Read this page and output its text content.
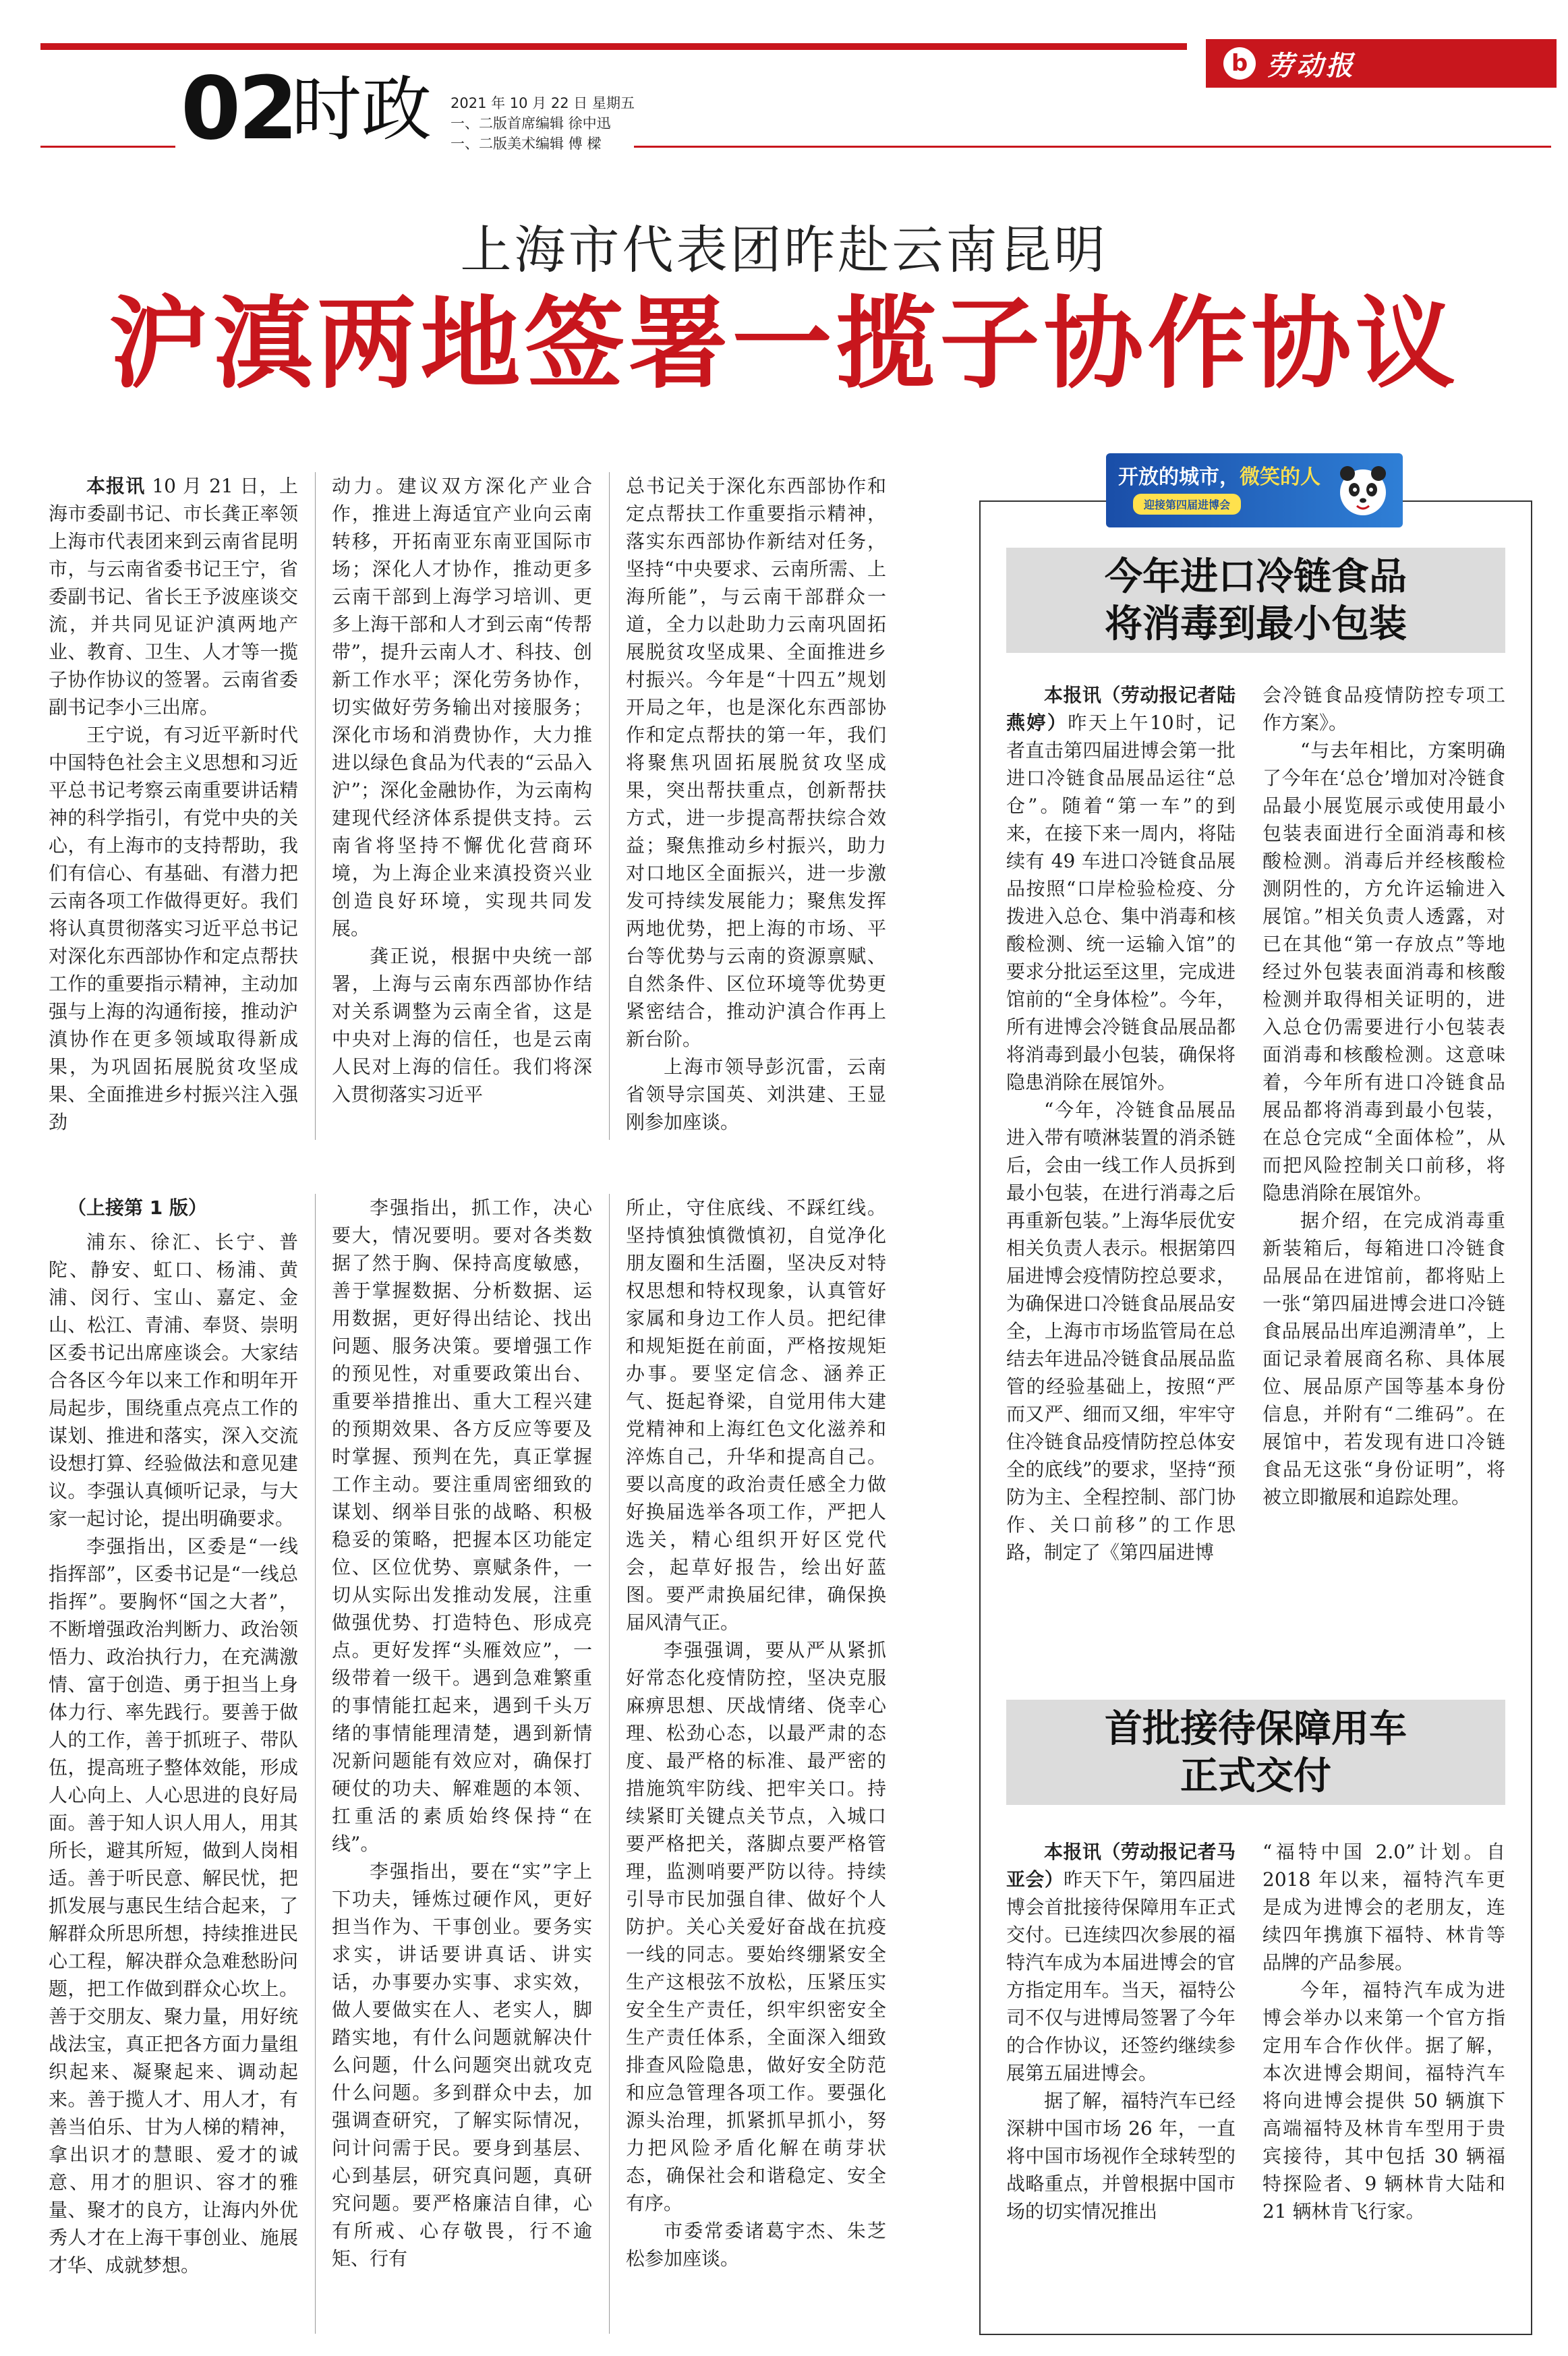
02
时政 2021 年 10 月 22 日 星期五
一、二版首席编辑 徐中迅
一、二版美术编辑 傅 樑
b 劳动报
上海市代表团昨赴云南昆明
沪滇两地签署一揽子协作协议

本报讯 10 月 21 日，上海市委副书记、市长龚正率领上海市代表团来到云南省昆明市，与云南省委书记王宁，省委副书记、省长王予波座谈交流，并共同见证沪滇两地产业、教育、卫生、人才等一揽子协作协议的签署。云南省委副书记李小三出席。

王宁说，有习近平新时代中国特色社会主义思想和习近平总书记考察云南重要讲话精神的科学指引，有党中央的关心，有上海市的支持帮助，我们有信心、有基础、有潜力把云南各项工作做得更好。我们将认真贯彻落实习近平总书记对深化东西部协作和定点帮扶工作的重要指示精神，主动加强与上海的沟通衔接，推动沪滇协作在更多领域取得新成果，为巩固拓展脱贫攻坚成果、全面推进乡村振兴注入强劲

动力。建议双方深化产业合作，推进上海适宜产业向云南转移，开拓南亚东南亚国际市场；深化人才协作，推动更多云南干部到上海学习培训、更多上海干部和人才到云南“传帮带”，提升云南人才、科技、创新工作水平；深化劳务协作，切实做好劳务输出对接服务；深化市场和消费协作，大力推进以绿色食品为代表的“云品入沪”；深化金融协作，为云南构建现代经济体系提供支持。云南省将坚持不懈优化营商环境，为上海企业来滇投资兴业创造良好环境，实现共同发展。

龚正说，根据中央统一部署，上海与云南东西部协作结对关系调整为云南全省，这是中央对上海的信任，也是云南人民对上海的信任。我们将深入贯彻落实习近平

总书记关于深化东西部协作和定点帮扶工作重要指示精神，落实东西部协作新结对任务，坚持“中央要求、云南所需、上海所能”，与云南干部群众一道，全力以赴助力云南巩固拓展脱贫攻坚成果、全面推进乡村振兴。今年是“十四五”规划开局之年，也是深化东西部协作和定点帮扶的第一年，我们将聚焦巩固拓展脱贫攻坚成果，突出帮扶重点，创新帮扶方式，进一步提高帮扶综合效益；聚焦推动乡村振兴，助力对口地区全面振兴，进一步激发可持续发展能力；聚焦发挥两地优势，把上海的市场、平台等优势与云南的资源禀赋、自然条件、区位环境等优势更紧密结合，推动沪滇合作再上新台阶。

上海市领导彭沉雷，云南省领导宗国英、刘洪建、王显刚参加座谈。

（上接第 1 版）

浦东、徐汇、长宁、普陀、静安、虹口、杨浦、黄浦、闵行、宝山、嘉定、金山、松江、青浦、奉贤、崇明区委书记出席座谈会。大家结合各区今年以来工作和明年开局起步，围绕重点亮点工作的谋划、推进和落实，深入交流设想打算、经验做法和意见建议。李强认真倾听记录，与大家一起讨论，提出明确要求。

李强指出，区委是“一线指挥部”，区委书记是“一线总指挥”。要胸怀“国之大者”，不断增强政治判断力、政治领悟力、政治执行力，在充满激情、富于创造、勇于担当上身体力行、率先践行。要善于做人的工作，善于抓班子、带队伍，提高班子整体效能，形成人心向上、人心思进的良好局面。善于知人识人用人，用其所长，避其所短，做到人岗相适。善于听民意、解民忧，把抓发展与惠民生结合起来，了解群众所思所想，持续推进民心工程，解决群众急难愁盼问题，把工作做到群众心坎上。善于交朋友、聚力量，用好统战法宝，真正把各方面力量组织起来、凝聚起来、调动起来。善于揽人才、用人才，有善当伯乐、甘为人梯的精神，拿出识才的慧眼、爱才的诚意、用才的胆识、容才的雅量、聚才的良方，让海内外优秀人才在上海干事创业、施展才华、成就梦想。

李强指出，抓工作，决心要大，情况要明。要对各类数据了然于胸、保持高度敏感，善于掌握数据、分析数据、运用数据，更好得出结论、找出问题、服务决策。要增强工作的预见性，对重要政策出台、重要举措推出、重大工程兴建的预期效果、各方反应等要及时掌握、预判在先，真正掌握工作主动。要注重周密细致的谋划、纲举目张的战略、积极稳妥的策略，把握本区功能定位、区位优势、禀赋条件，一切从实际出发推动发展，注重做强优势、打造特色、形成亮点。更好发挥“头雁效应”，一级带着一级干。遇到急难繁重的事情能扛起来，遇到千头万绪的事情能理清楚，遇到新情况新问题能有效应对，确保打硬仗的功夫、解难题的本领、扛重活的素质始终保持“在线”。

李强指出，要在“实”字上下功夫，锤炼过硬作风，更好担当作为、干事创业。要务实求实，讲话要讲真话、讲实话，办事要办实事、求实效，做人要做实在人、老实人，脚踏实地，有什么问题就解决什么问题，什么问题突出就攻克什么问题。多到群众中去，加强调查研究，了解实际情况，问计问需于民。要身到基层、心到基层，研究真问题，真研究问题。要严格廉洁自律，心有所戒、心存敬畏，行不逾矩、行有

所止，守住底线、不踩红线。坚持慎独慎微慎初，自觉净化朋友圈和生活圈，坚决反对特权思想和特权现象，认真管好家属和身边工作人员。把纪律和规矩挺在前面，严格按规矩办事。要坚定信念、涵养正气、挺起脊梁，自觉用伟大建党精神和上海红色文化滋养和淬炼自己，升华和提高自己。要以高度的政治责任感全力做好换届选举各项工作，严把人选关，精心组织开好区党代会，起草好报告，绘出好蓝图。要严肃换届纪律，确保换届风清气正。

李强强调，要从严从紧抓好常态化疫情防控，坚决克服麻痹思想、厌战情绪、侥幸心理、松劲心态，以最严肃的态度、最严格的标准、最严密的措施筑牢防线、把牢关口。持续紧盯关键点关节点，入城口要严格把关，落脚点要严格管理，监测哨要严防以待。持续引导市民加强自律、做好个人防护。关心关爱好奋战在抗疫一线的同志。要始终绷紧安全生产这根弦不放松，压紧压实安全生产责任，织牢织密安全生产责任体系，全面深入细致排查风险隐患，做好安全防范和应急管理各项工作。要强化源头治理，抓紧抓早抓小，努力把风险矛盾化解在萌芽状态，确保社会和谐稳定、安全有序。

市委常委诸葛宇杰、朱芝松参加座谈。

开放的城市，微笑的人
迎接第四届进博会
今年进口冷链食品
将消毒到最小包装

本报讯（劳动报记者陆燕婷）昨天上午10时，记者直击第四届进博会第一批进口冷链食品展品运往“总仓”。随着“第一车”的到来，在接下来一周内，将陆续有 49 车进口冷链食品展品按照“口岸检验检疫、分拨进入总仓、集中消毒和核酸检测、统一运输入馆”的要求分批运至这里，完成进馆前的“全身体检”。今年，所有进博会冷链食品展品都将消毒到最小包装，确保将隐患消除在展馆外。

“今年，冷链食品展品进入带有喷淋装置的消杀链后，会由一线工作人员拆到最小包装，在进行消毒之后再重新包装。”上海华辰优安相关负责人表示。根据第四届进博会疫情防控总要求，为确保进口冷链食品展品安全，上海市市场监管局在总结去年进品冷链食品展品监管的经验基础上，按照“严而又严、细而又细，牢牢守住冷链食品疫情防控总体安全的底线”的要求，坚持“预防为主、全程控制、部门协作、关口前移”的工作思路，制定了《第四届进博

会冷链食品疫情防控专项工作方案》。

“与去年相比，方案明确了今年在‘总仓’增加对冷链食品最小展览展示或使用最小包装表面进行全面消毒和核酸检测。消毒后并经核酸检测阴性的，方允许运输进入展馆。”相关负责人透露，对已在其他“第一存放点”等地经过外包装表面消毒和核酸检测并取得相关证明的，进入总仓仍需要进行小包装表面消毒和核酸检测。这意味着，今年所有进口冷链食品展品都将消毒到最小包装，在总仓完成“全面体检”，从而把风险控制关口前移，将隐患消除在展馆外。

据介绍，在完成消毒重新装箱后，每箱进口冷链食品展品在进馆前，都将贴上一张“第四届进博会进口冷链食品展品出库追溯清单”，上面记录着展商名称、具体展位、展品原产国等基本身份信息，并附有“二维码”。在展馆中，若发现有进口冷链食品无这张“身份证明”，将被立即撤展和追踪处理。

首批接待保障用车
正式交付

本报讯（劳动报记者马亚会）昨天下午，第四届进博会首批接待保障用车正式交付。已连续四次参展的福特汽车成为本届进博会的官方指定用车。当天，福特公司不仅与进博局签署了今年的合作协议，还签约继续参展第五届进博会。

据了解，福特汽车已经深耕中国市场 26 年，一直将中国市场视作全球转型的战略重点，并曾根据中国市场的切实情况推出

“福特中国 2.0”计划。自 2018 年以来，福特汽车更是成为进博会的老朋友，连续四年携旗下福特、林肯等品牌的产品参展。

今年，福特汽车成为进博会举办以来第一个官方指定用车合作伙伴。据了解，本次进博会期间，福特汽车将向进博会提供 50 辆旗下高端福特及林肯车型用于贵宾接待，其中包括 30 辆福特探险者、9 辆林肯大陆和 21 辆林肯飞行家。
